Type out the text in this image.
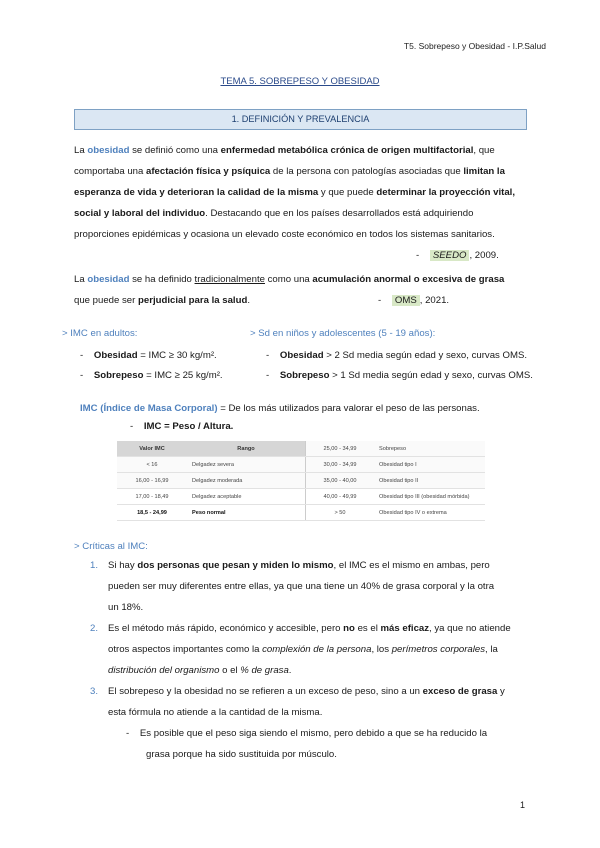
T5. Sobrepeso y Obesidad - I.P.Salud
TEMA 5. SOBREPESO Y OBESIDAD
1. DEFINICIÓN Y PREVALENCIA
La obesidad se definió como una enfermedad metabólica crónica de origen multifactorial, que
comportaba una afectación física y psíquica de la persona con patologías asociadas que limitan la
esperanza de vida y deterioran la calidad de la misma y que puede determinar la proyección vital,
social y laboral del individuo. Destacando que en los países desarrollados está adquiriendo
proporciones epidémicas y ocasiona un elevado coste económico en todos los sistemas sanitarios.
- SEEDO , 2009.
La obesidad se ha definido tradicionalmente como una acumulación anormal o excesiva de grasa
que puede ser perjudicial para la salud.	- OMS , 2021.
> IMC en adultos:	> Sd en niños y adolescentes (5 - 19 años):
- Obesidad = IMC ≥ 30 kg/m².
- Sobrepeso = IMC ≥ 25 kg/m².
- Obesidad > 2 Sd media según edad y sexo, curvas OMS.
- Sobrepeso > 1 Sd media según edad y sexo, curvas OMS.
IMC (Índice de Masa Corporal) = De los más utilizados para valorar el peso de las personas.
- IMC = Peso / Altura.
Valor IMC	Rango
< 16	Delgadez severa
16,00 - 16,99	Delgadez moderada
17,00 - 18,49	Delgadez aceptable
18,5 - 24,99	Peso normal
25,00 - 34,99	Sobrepeso
30,00 - 34,99	Obesidad tipo I
35,00 - 40,00	Obesidad tipo II
40,00 - 49,99	Obesidad tipo III (obesidad mórbida)
> 50	Obesidad tipo IV o extrema
> Críticas al IMC:
1. Si hay dos personas que pesan y miden lo mismo, el IMC es el mismo en ambas, pero
pueden ser muy diferentes entre ellas, ya que una tiene un 40% de grasa corporal y la otra
un 18%.
2. Es el método más rápido, económico y accesible, pero no es el más eficaz, ya que no atiende
otros aspectos importantes como la complexión de la persona, los perímetros corporales, la
distribución del organismo o el % de grasa.
3. El sobrepeso y la obesidad no se refieren a un exceso de peso, sino a un exceso de grasa y
esta fórmula no atiende a la cantidad de la misma.
- Es posible que el peso siga siendo el mismo, pero debido a que se ha reducido la
grasa porque ha sido sustituida por músculo.
1
